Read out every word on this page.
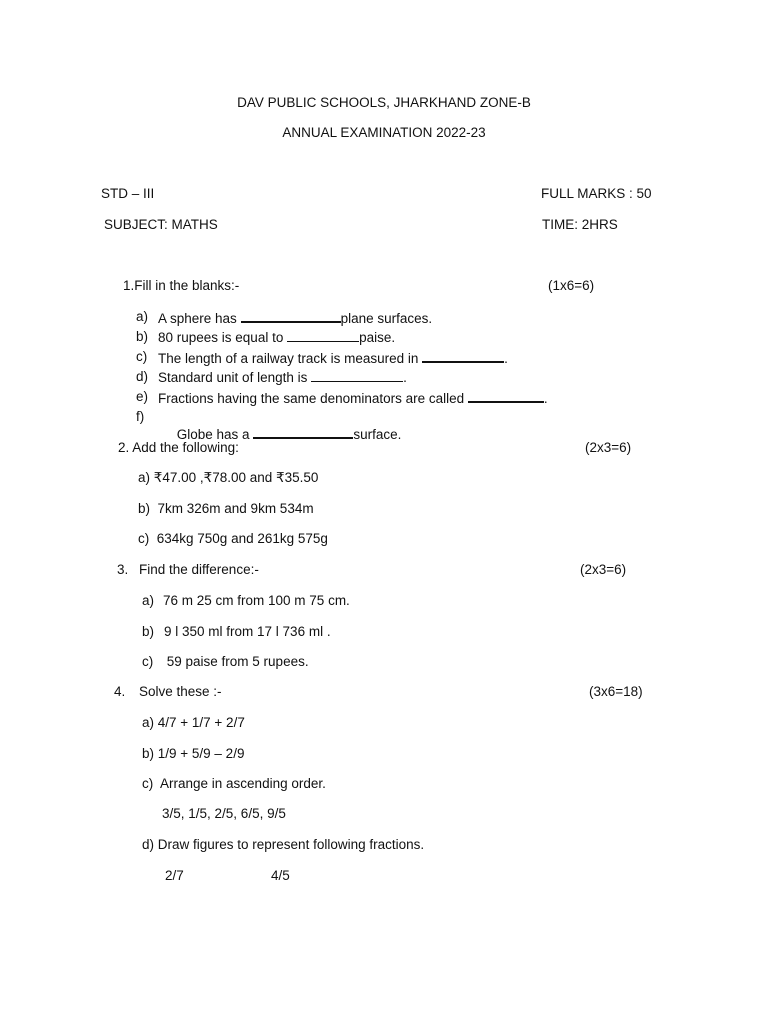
DAV PUBLIC SCHOOLS, JHARKHAND ZONE-B
ANNUAL EXAMINATION 2022-23
STD – III	FULL MARKS : 50
SUBJECT: MATHS	TIME: 2HRS
1.Fill in the blanks:-	(1x6=6)
a) A sphere has	plane surfaces.
b) 80 rupees is equal to	paise.
c) The length of a railway track is measured in	.
d) Standard unit of length is	.
e) Fractions having the same denominators are called	.
f)

Globe has a	surface.

2. Add the following:	(2x3=6)
a) ₹47.00 ,₹78.00 and ₹35.50
b)  7km 326m and 9km 534m
c)  634kg 750g and 261kg 575g
3. Find the difference:-	(2x3=6)
a) 76 m 25 cm from 100 m 75 cm.
b) 9 l 350 ml from 17 l 736 ml .
c) 59 paise from 5 rupees.
4. Solve these :-	(3x6=18)
a) 4/7 + 1/7 + 2/7
b) 1/9 + 5/9 – 2/9
c)  Arrange in ascending order.
3/5, 1/5, 2/5, 6/5, 9/5
d) Draw figures to represent following fractions.
2/7	4/5
